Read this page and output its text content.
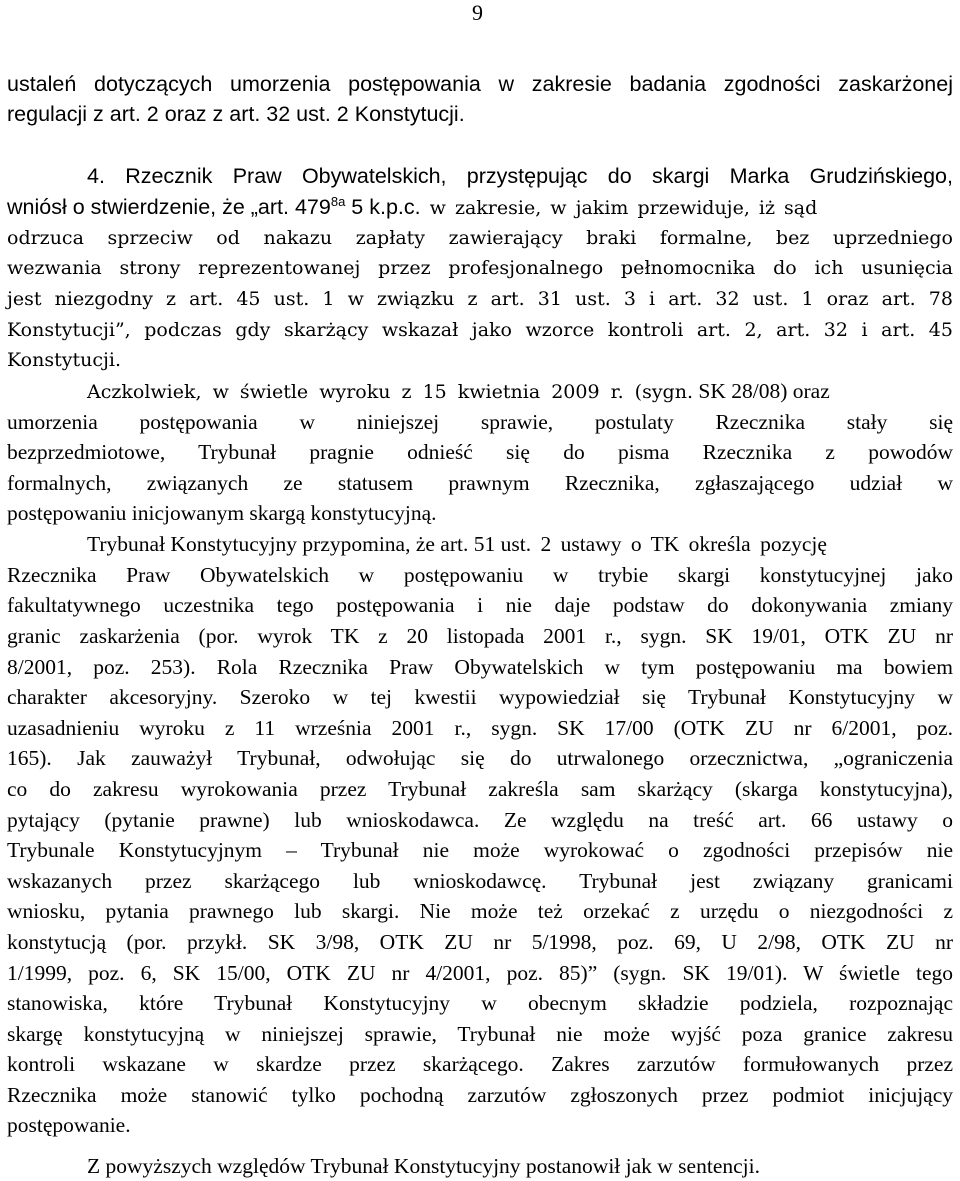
9
ustaleń dotyczących umorzenia postępowania w zakresie badania zgodności zaskarżonej
regulacji z art. 2 oraz z art. 32 ust. 2 Konstytucji.
4. Rzecznik Praw Obywatelskich, przystępując do skargi Marka Grudzińskiego,
wniósł o stwierdzenie, że „art. $479^{8a}$ 5 k.p.c. w zakresie, w jakim przewiduje, iż sąd
odrzuca sprzeciw od nakazu zapłaty zawierający braki formalne, bez uprzedniego
wezwania strony reprezentowanej przez profesjonalnego pełnomocnika do ich usunięcia
jest niezgodny z art. 45 ust. 1 w związku z art. 31 ust. 3 i art. 32 ust. 1 oraz art. 78
Konstytucji”, podczas gdy skarżący wskazał jako wzorce kontroli art. 2, art. 32 i art. 45
Konstytucji.
Aczkolwiek, w świetle wyroku z 15 kwietnia 2009 r. (sygn. SK 28/08) oraz
umorzenia postępowania w niniejszej sprawie, postulaty Rzecznika stały się
bezprzedmiotowe, Trybunał pragnie odnieść się do pisma Rzecznika z powodów
formalnych, związanych ze statusem prawnym Rzecznika, zgłaszającego udział w
postępowaniu inicjowanym skargą konstytucyjną.
Trybunał Konstytucyjny przypomina, że art. 51 ust. 2 ustawy o TK określa pozycję
Rzecznika Praw Obywatelskich w postępowaniu w trybie skargi konstytucyjnej jako
fakultatywnego uczestnika tego postępowania i nie daje podstaw do dokonywania zmiany
granic zaskarżenia (por. wyrok TK z 20 listopada 2001 r., sygn. SK 19/01, OTK ZU nr
8/2001, poz. 253). Rola Rzecznika Praw Obywatelskich w tym postępowaniu ma bowiem
charakter akcesoryjny. Szeroko w tej kwestii wypowiedział się Trybunał Konstytucyjny w
uzasadnieniu wyroku z 11 września 2001 r., sygn. SK 17/00 (OTK ZU nr 6/2001, poz.
165). Jak zauważył Trybunał, odwołując się do utrwalonego orzecznictwa, „ograniczenia
co do zakresu wyrokowania przez Trybunał zakreśla sam skarżący (skarga konstytucyjna),
pytający (pytanie prawne) lub wnioskodawca. Ze względu na treść art. 66 ustawy o
Trybunale Konstytucyjnym – Trybunał nie może wyrokować o zgodności przepisów nie
wskazanych przez skarżącego lub wnioskodawcę. Trybunał jest związany granicami
wniosku, pytania prawnego lub skargi. Nie może też orzekać z urzędu o niezgodności z
konstytucją (por. przykł. SK 3/98, OTK ZU nr 5/1998, poz. 69, U 2/98, OTK ZU nr
1/1999, poz. 6, SK 15/00, OTK ZU nr 4/2001, poz. 85)” (sygn. SK 19/01). W świetle tego
stanowiska, które Trybunał Konstytucyjny w obecnym składzie podziela, rozpoznając
skargę konstytucyjną w niniejszej sprawie, Trybunał nie może wyjść poza granice zakresu
kontroli wskazane w skardze przez skarżącego. Zakres zarzutów formułowanych przez
Rzecznika może stanowić tylko pochodną zarzutów zgłoszonych przez podmiot inicjujący
postępowanie.
Z powyższych względów Trybunał Konstytucyjny postanowił jak w sentencji.
